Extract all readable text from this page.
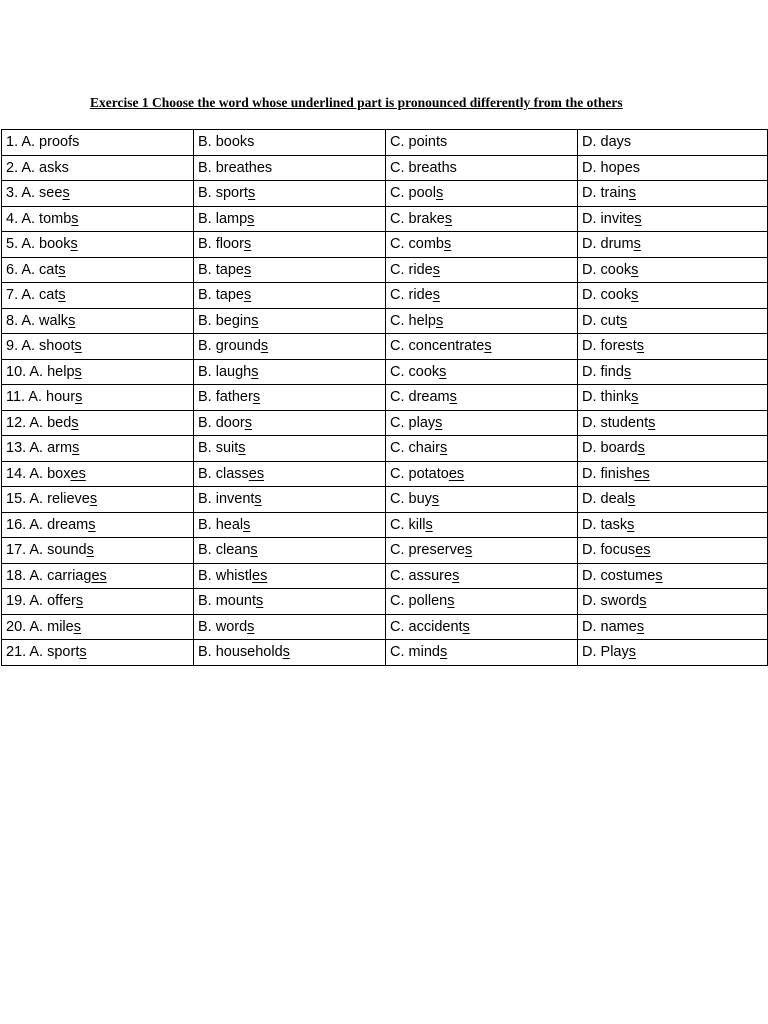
Exercise 1 Choose the word whose underlined part is pronounced differently from the others
1. A. proofs	B. books	C. points	D. days
2. A. asks	B. breathes	C. breaths	D. hopes
3. A. sees	B. sports	C. pools	D. trains
4. A. tombs	B. lamps	C. brakes	D. invites
5. A. books	B. floors	C. combs	D. drums
6. A. cats	B. tapes	C. rides	D. cooks
7. A. cats	B. tapes	C. rides	D. cooks
8. A. walks	B. begins	C. helps	D. cuts
9. A. shoots	B. grounds	C. concentrates	D. forests
10. A. helps	B. laughs	C. cooks	D. finds
11. A. hours	B. fathers	C. dreams	D. thinks
12. A. beds	B. doors	C. plays	D. students
13. A. arms	B. suits	C. chairs	D. boards
14. A. boxes	B. classes	C. potatoes	D. finishes
15. A. relieves	B. invents	C. buys	D. deals
16. A. dreams	B. heals	C. kills	D. tasks
17. A. sounds	B. cleans	C. preserves	D. focuses
18. A. carriages	B. whistles	C. assures	D. costumes
19. A. offers	B. mounts	C. pollens	D. swords
20. A. miles	B. words	C. accidents	D. names
21. A. sports	B. households	C. minds	D. Plays
